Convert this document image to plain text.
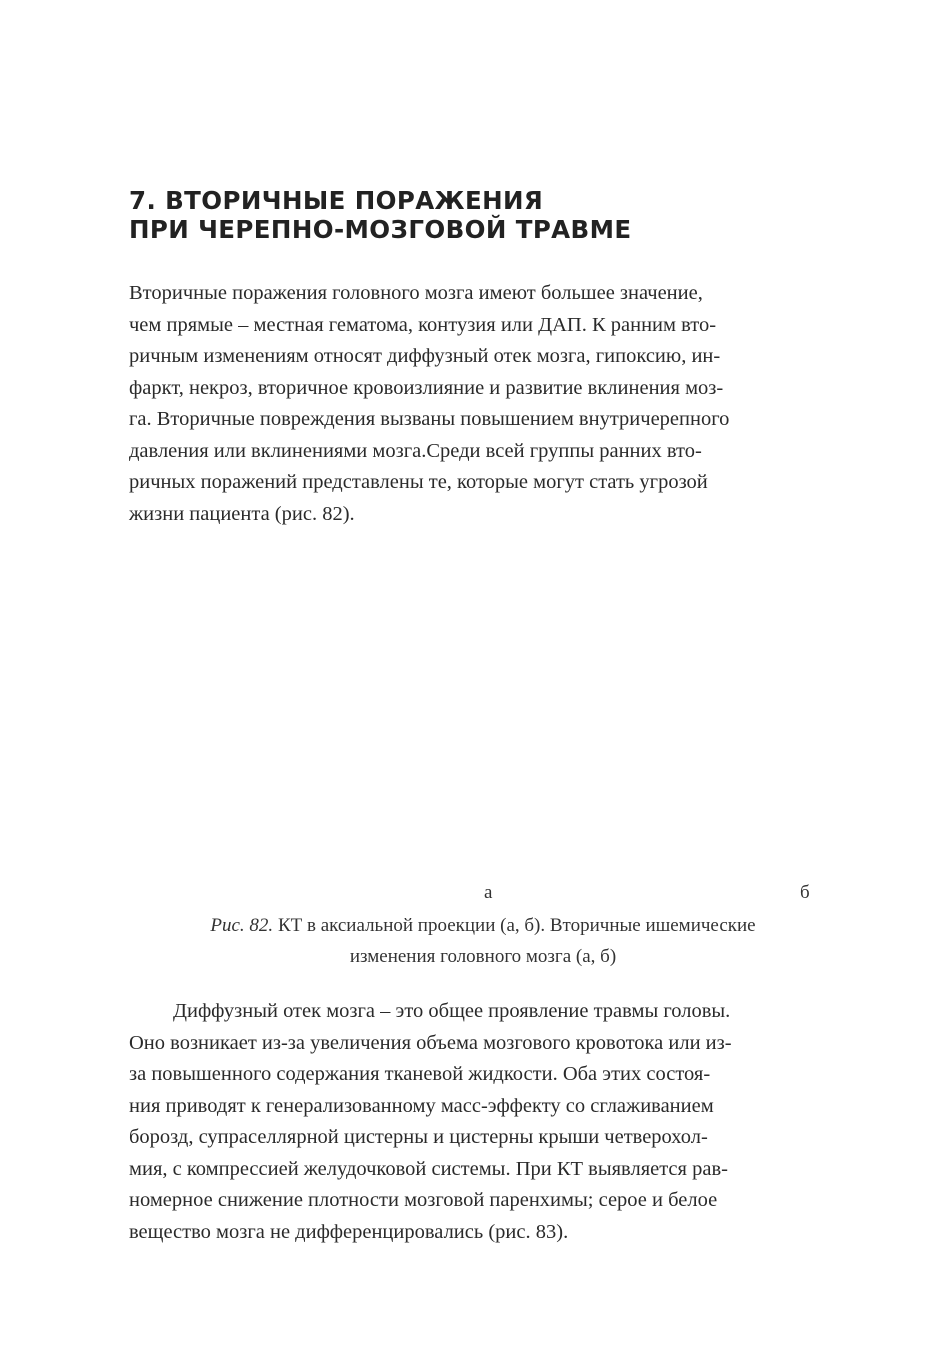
7. ВТОРИЧНЫЕ ПОРАЖЕНИЯ
ПРИ ЧЕРЕПНО-МОЗГОВОЙ ТРАВМЕ
Вторичные поражения головного мозга имеют большее значение,
чем прямые – местная гематома, контузия или ДАП. К ранним вто-
ричным изменениям относят диффузный отек мозга, гипоксию, ин-
фаркт, некроз, вторичное кровоизлияние и развитие вклинения моз-
га. Вторичные повреждения вызваны повышением внутричерепного
давления или вклинениями мозга.Среди всей группы ранних вто-
ричных поражений представлены те, которые могут стать угрозой
жизни пациента (рис. 82).
а	б
Рис. 82. КТ в аксиальной проекции (а, б). Вторичные ишемические
изменения головного мозга (а, б)
Диффузный отек мозга – это общее проявление травмы головы.
Оно возникает из-за увеличения объема мозгового кровотока или из-
за повышенного содержания тканевой жидкости. Оба этих состоя-
ния приводят к генерализованному масс-эффекту со сглаживанием
борозд, супраселлярной цистерны и цистерны крыши четверохол-
мия, с компрессией желудочковой системы. При КТ выявляется рав-
номерное снижение плотности мозговой паренхимы; серое и белое
вещество мозга не дифференцировались (рис. 83).
